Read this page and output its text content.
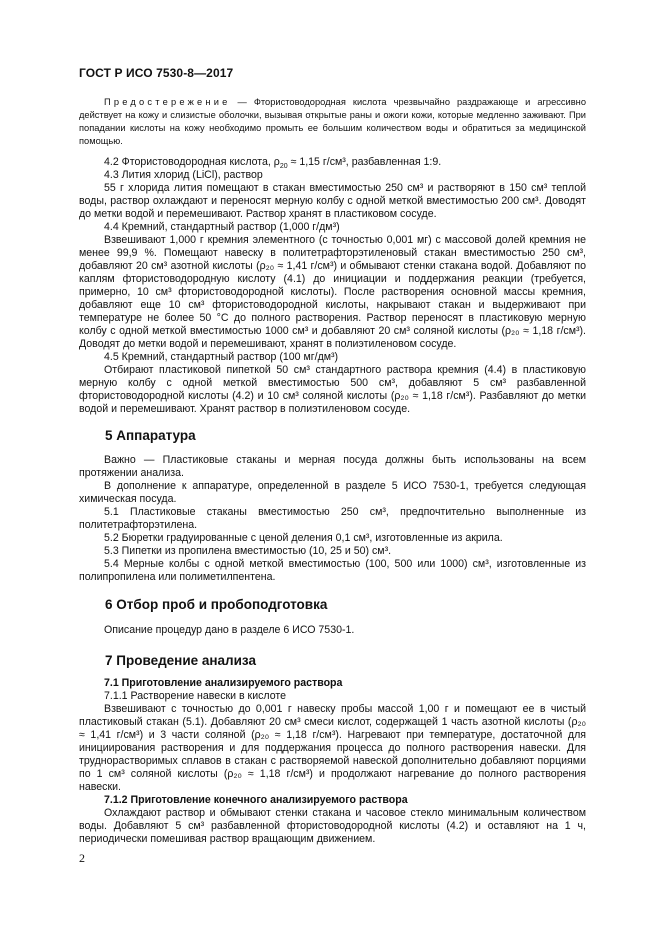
ГОСТ Р ИСО 7530-8—2017
Предостережение — Фтористоводородная кислота чрезвычайно раздражающе и агрессивно действует на кожу и слизистые оболочки, вызывая открытые раны и ожоги кожи, которые медленно заживают. При попадании кислоты на кожу необходимо промыть ее большим количеством воды и обратиться за медицинской помощью.

4.2 Фтористоводородная кислота, $\rho_{20} \approx 1,15$ г/см³, разбавленная 1:9.

4.3 Лития хлорид (LiCl), раствор

55 г хлорида лития помещают в стакан вместимостью 250 см³ и растворяют в 150 см³ теплой воды, раствор охлаждают и переносят мерную колбу с одной меткой вместимостью 200 см³. Доводят до метки водой и перемешивают. Раствор хранят в пластиковом сосуде.

4.4 Кремний, стандартный раствор (1,000 г/дм³)

Взвешивают 1,000 г кремния элементного (с точностью 0,001 мг) с массовой долей кремния не менее 99,9 %. Помещают навеску в политетрафторэтиленовый стакан вместимостью 250 см³, добавляют 20 см³ азотной кислоты (ρ₂₀ ≈ 1,41 г/см³) и обмывают стенки стакана водой. Добавляют по каплям фтористоводородную кислоту (4.1) до инициации и поддержания реакции (требуется, примерно, 10 см³ фтористоводородной кислоты). После растворения основной массы кремния, добавляют еще 10 см³ фтористоводородной кислоты, накрывают стакан и выдерживают при температуре не более 50 °С до полного растворения. Раствор переносят в пластиковую мерную колбу с одной меткой вместимостью 1000 см³ и добавляют 20 см³ соляной кислоты (ρ₂₀ ≈ 1,18 г/см³). Доводят до метки водой и перемешивают, хранят в полиэтиленовом сосуде.

4.5 Кремний, стандартный раствор (100 мг/дм³)

Отбирают пластиковой пипеткой 50 см³ стандартного раствора кремния (4.4) в пластиковую мерную колбу с одной меткой вместимостью 500 см³, добавляют 5 см³ разбавленной фтористоводородной кислоты (4.2) и 10 см³ соляной кислоты (ρ₂₀ ≈ 1,18 г/см³). Разбавляют до метки водой и перемешивают. Хранят раствор в полиэтиленовом сосуде.

5 Аппаратура

Важно — Пластиковые стаканы и мерная посуда должны быть использованы на всем протяжении анализа.

В дополнение к аппаратуре, определенной в разделе 5 ИСО 7530-1, требуется следующая химическая посуда.

5.1 Пластиковые стаканы вместимостью 250 см³, предпочтительно выполненные из политетрафторэтилена.

5.2 Бюретки градуированные с ценой деления 0,1 см³, изготовленные из акрила.

5.3 Пипетки из пропилена вместимостью (10, 25 и 50) см³.

5.4 Мерные колбы с одной меткой вместимостью (100, 500 или 1000) см³, изготовленные из полипропилена или полиметилпентена.

6 Отбор проб и пробоподготовка

Описание процедур дано в разделе 6 ИСО 7530-1.

7 Проведение анализа

7.1 Приготовление анализируемого раствора

7.1.1 Растворение навески в кислоте

Взвешивают с точностью до 0,001 г навеску пробы массой 1,00 г и помещают ее в чистый пластиковый стакан (5.1). Добавляют 20 см³ смеси кислот, содержащей 1 часть азотной кислоты (ρ₂₀ ≈ 1,41 г/см³) и 3 части соляной (ρ₂₀ ≈ 1,18 г/см³). Нагревают при температуре, достаточной для инициирования растворения и для поддержания процесса до полного растворения навески. Для труднорастворимых сплавов в стакан с растворяемой навеской дополнительно добавляют порциями по 1 см³ соляной кислоты (ρ₂₀ ≈ 1,18 г/см³) и продолжают нагревание до полного растворения навески.

7.1.2 Приготовление конечного анализируемого раствора

Охлаждают раствор и обмывают стенки стакана и часовое стекло минимальным количеством воды. Добавляют 5 см³ разбавленной фтористоводородной кислоты (4.2) и оставляют на 1 ч, периодически помешивая раствор вращающим движением.

2
